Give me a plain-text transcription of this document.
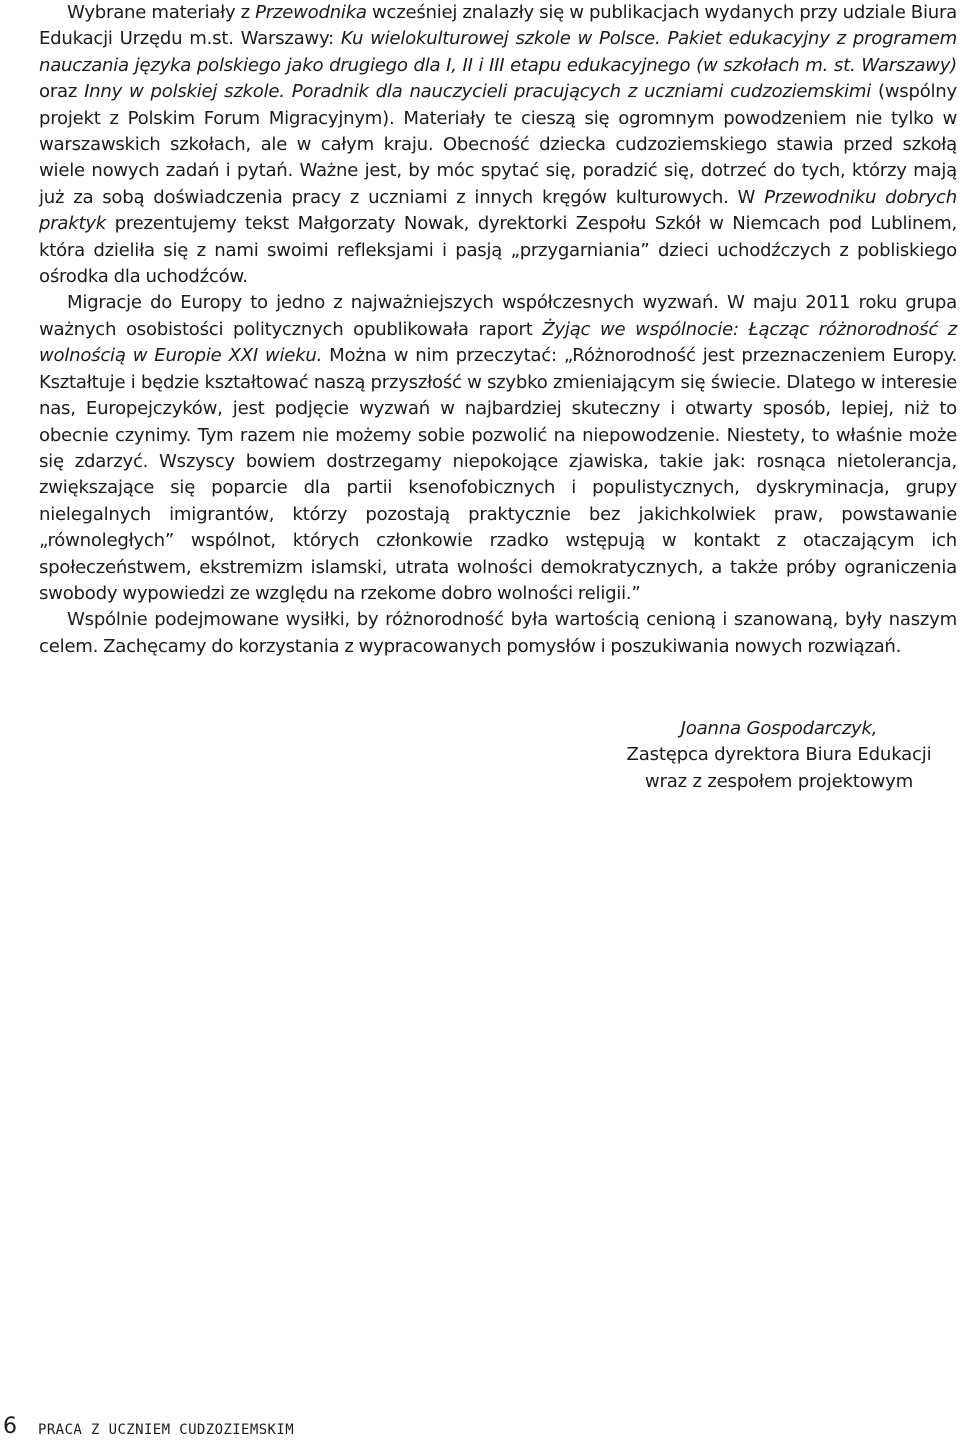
Wybrane materiały z Przewodnika wcześniej znalazły się w publikacjach wydanych przy udziale Biura Edukacji Urzędu m.st. Warszawy: Ku wielokulturowej szkole w Polsce. Pakiet edukacyjny z programem nauczania języka polskiego jako drugiego dla I, II i III etapu edukacyjnego (w szkołach m. st. Warszawy) oraz Inny w polskiej szkole. Poradnik dla nauczycieli pracujących z uczniami cudzoziemskimi (wspólny projekt z Polskim Forum Migracyjnym). Materiały te cieszą się ogromnym powodzeniem nie tylko w warszawskich szkołach, ale w całym kraju. Obecność dziecka cudzoziemskiego stawia przed szkołą wiele nowych zadań i pytań. Ważne jest, by móc spytać się, poradzić się, dotrzeć do tych, którzy mają już za sobą doświadczenia pracy z uczniami z innych kręgów kulturowych. W Przewodniku dobrych praktyk prezentujemy tekst Małgorzaty Nowak, dyrektorki Zespołu Szkół w Niemcach pod Lublinem, która dzieliła się z nami swoimi refleksjami i pasją „przygarniania” dzieci uchodźczych z pobliskiego ośrodka dla uchodźców.

Migracje do Europy to jedno z najważniejszych współczesnych wyzwań. W maju 2011 roku grupa ważnych osobistości politycznych opublikowała raport Żyjąc we wspólnocie: Łącząc różnorodność z wolnością w Europie XXI wieku. Można w nim przeczytać: „Różnorodność jest przeznaczeniem Europy. Kształtuje i będzie kształtować naszą przyszłość w szybko zmieniającym się świecie. Dlatego w interesie nas, Europejczyków, jest podjęcie wyzwań w najbardziej skuteczny i otwarty sposób, lepiej, niż to obecnie czynimy. Tym razem nie możemy sobie pozwolić na niepowodzenie. Niestety, to właśnie może się zdarzyć. Wszyscy bowiem dostrzegamy niepokojące zjawiska, takie jak: rosnąca nietolerancja, zwiększające się poparcie dla partii ksenofobicznych i populistycznych, dyskryminacja, grupy nielegalnych imigrantów, którzy pozostają praktycznie bez jakichkolwiek praw, powstawanie „równoległych” wspólnot, których członkowie rzadko wstępują w kontakt z otaczającym ich społeczeństwem, ekstremizm islamski, utrata wolności demokratycznych, a także próby ograniczenia swobody wypowiedzi ze względu na rzekome dobro wolności religii.”

Wspólnie podejmowane wysiłki, by różnorodność była wartością cenioną i szanowaną, były naszym celem. Zachęcamy do korzystania z wypracowanych pomysłów i poszukiwania nowych rozwiązań.

Joanna Gospodarczyk,
Zastępca dyrektora Biura Edukacji
wraz z zespołem projektowym
6 PRACA Z UCZNIEM CUDZOZIEMSKIM
